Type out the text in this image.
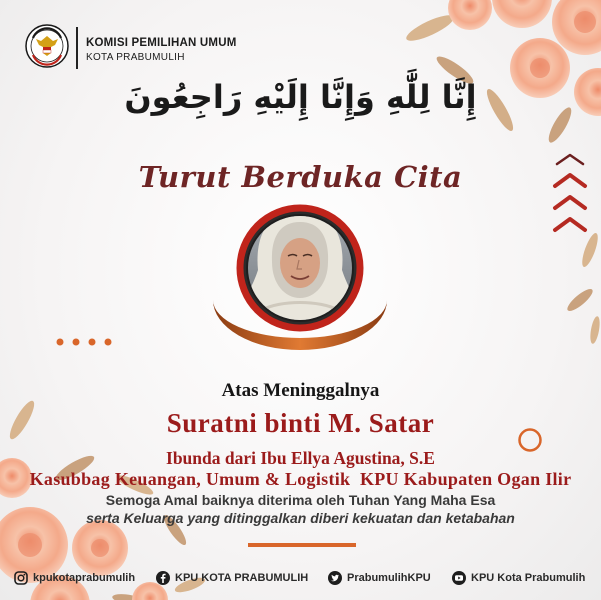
KOMISI PEMILIHAN UMUM
KOTA PRABUMULIH
إِنَّا لِلَّٰهِ وَإِنَّا إِلَيْهِ رَاجِعُونَ
Turut Berduka Cita
Atas Meninggalnya
Suratni binti M. Satar
Ibunda dari Ibu Ellya Agustina, S.E
Kasubbag Keuangan, Umum & Logistik  KPU Kabupaten Ogan Ilir
Semoga Amal baiknya diterima oleh Tuhan Yang Maha Esa
serta Keluarga yang ditinggalkan diberi kekuatan dan ketabahan
kpukotaprabumulih	KPU KOTA PRABUMULIH	PrabumulihKPU	KPU Kota Prabumulih
